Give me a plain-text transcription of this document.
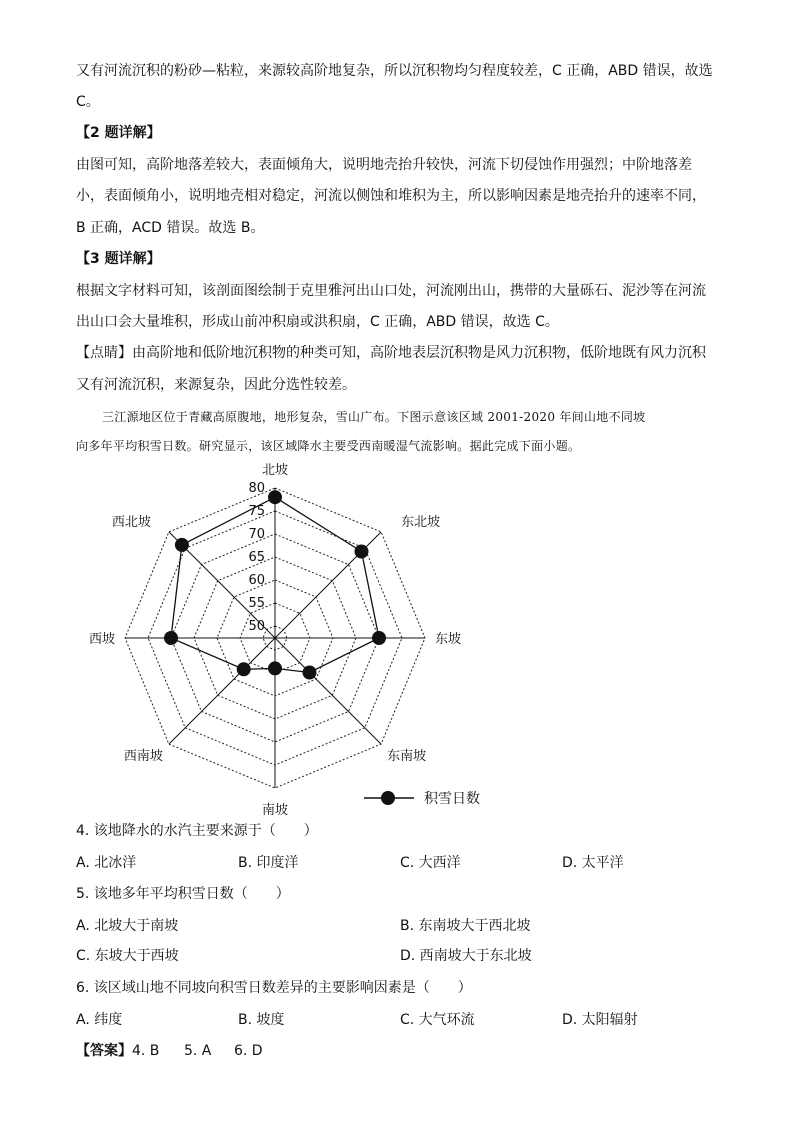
又有河流沉积的粉砂—粘粒，来源较高阶地复杂，所以沉积物均匀程度较差，C 正确，ABD 错误，故选
C。
【2 题详解】
由图可知，高阶地落差较大，表面倾角大，说明地壳抬升较快，河流下切侵蚀作用强烈；中阶地落差
小，表面倾角小，说明地壳相对稳定，河流以侧蚀和堆积为主，所以影响因素是地壳抬升的速率不同，
B 正确，ACD 错误。故选 B。
【3 题详解】
根据文字材料可知，该剖面图绘制于克里雅河出山口处，河流刚出山，携带的大量砾石、泥沙等在河流
出山口会大量堆积，形成山前冲积扇或洪积扇，C 正确，ABD 错误，故选 C。
【点睛】由高阶地和低阶地沉积物的种类可知，高阶地表层沉积物是风力沉积物，低阶地既有风力沉积
又有河流沉积，来源复杂，因此分选性较差。
三江源地区位于青藏高原腹地，地形复杂，雪山广布。下图示意该区域 2001-2020 年间山地不同坡
向多年平均积雪日数。研究显示，该区域降水主要受西南暖湿气流影响。据此完成下面小题。
50
55
60
65
70
75
80
北坡
东北坡
东坡
东南坡
南坡
西南坡
西坡
西北坡
积雪日数
4. 该地降水的水汽主要来源于（　　）
A. 北冰洋	B. 印度洋	C. 大西洋	D. 太平洋
5. 该地多年平均积雪日数（　　）
A. 北坡大于南坡	B. 东南坡大于西北坡
C. 东坡大于西坡	D. 西南坡大于东北坡
6. 该区域山地不同坡向积雪日数差异的主要影响因素是（　　）
A. 纬度	B. 坡度	C. 大气环流	D. 太阳辐射
【答案】 4. B 5. A 6. D
